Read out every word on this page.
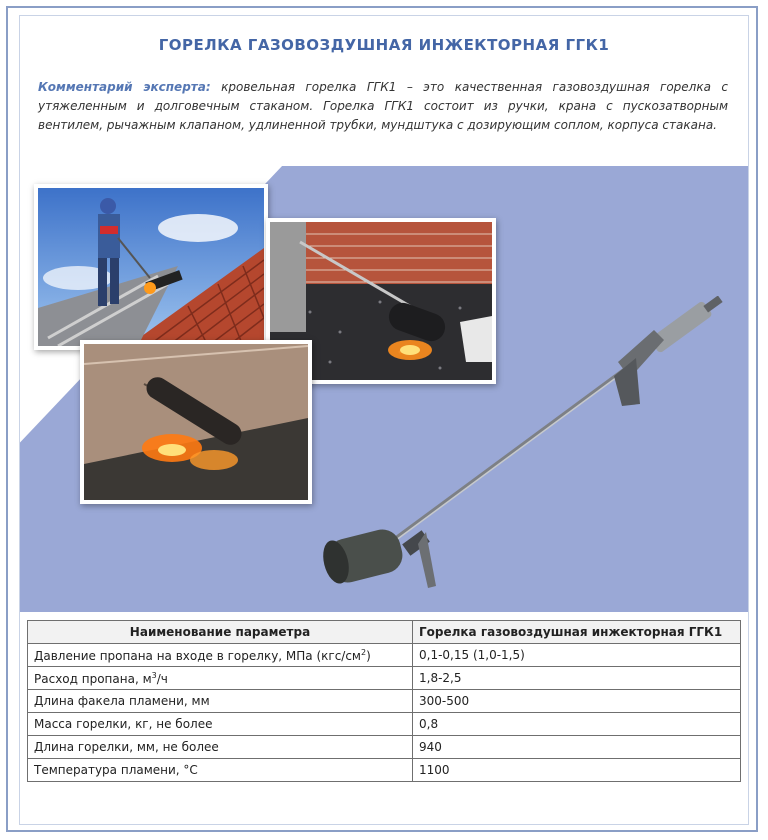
ГОРЕЛКА ГАЗОВОЗДУШНАЯ ИНЖЕКТОРНАЯ ГГК1
Комментарий эксперта: кровельная горелка ГГК1 – это качественная газовоздушная горелка с утяжеленным и долговечным стаканом. Горелка ГГК1 состоит из ручки, крана с пускозатворным вентилем, рычажным клапаном, удлиненной трубки, мундштука с дозирующим соплом, корпуса стакана.
Наименование параметра	Горелка газовоздушная инжекторная ГГК1
Давление пропана на входе в горелку, МПа $(кгс/см^2)$	0,1-0,15 (1,0-1,5)
Расход пропана, $м^3/ч$	1,8-2,5
Длина факела пламени, мм	300-500
Масса горелки, кг, не более	0,8
Длина горелки, мм, не более	940
Температура пламени, °С	1100
